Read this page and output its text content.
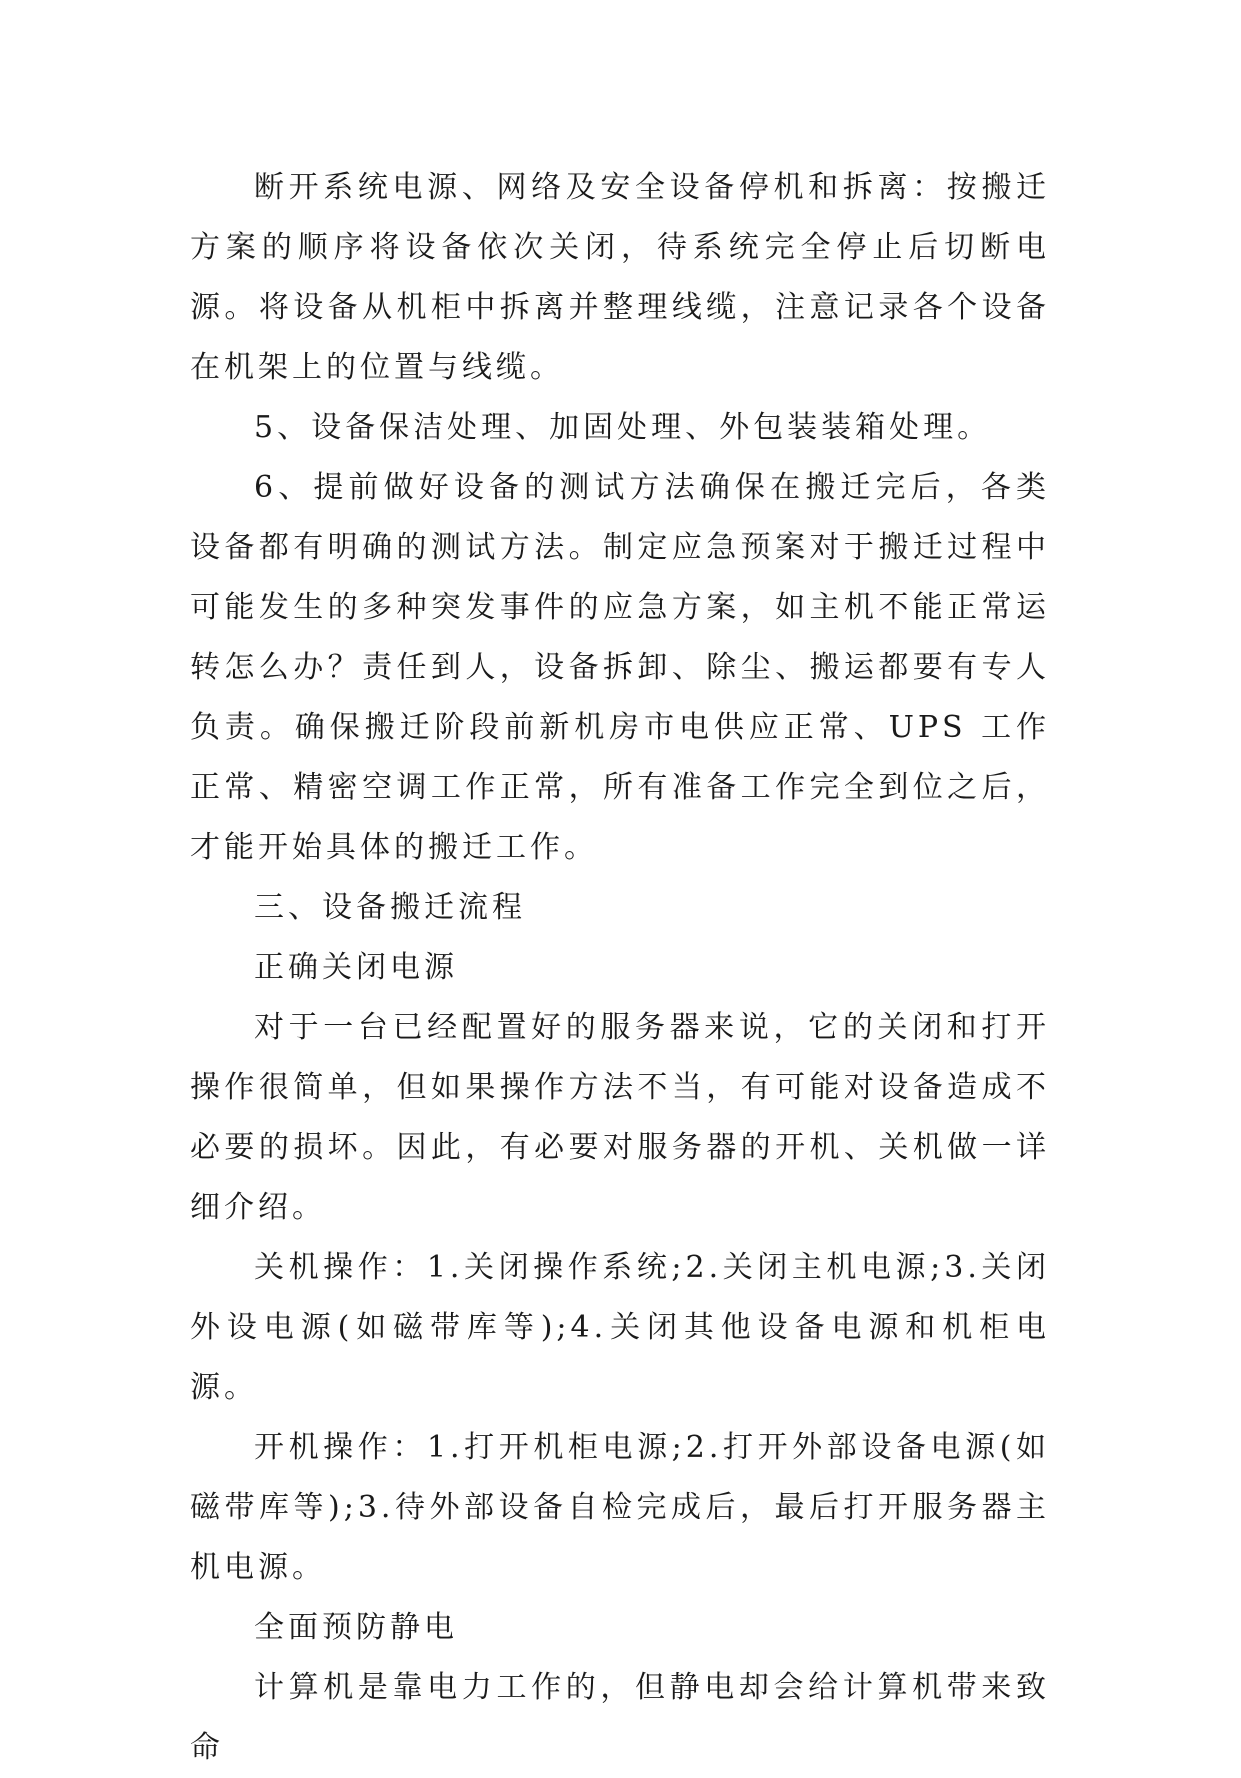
断开系统电源、网络及安全设备停机和拆离：按搬迁方案的顺序将设备依次关闭，待系统完全停止后切断电源。将设备从机柜中拆离并整理线缆，注意记录各个设备在机架上的位置与线缆。

5、设备保洁处理、加固处理、外包装装箱处理。

6、提前做好设备的测试方法确保在搬迁完后，各类设备都有明确的测试方法。制定应急预案对于搬迁过程中可能发生的多种突发事件的应急方案，如主机不能正常运转怎么办？责任到人，设备拆卸、除尘、搬运都要有专人负责。确保搬迁阶段前新机房市电供应正常、UPS 工作正常、精密空调工作正常，所有准备工作完全到位之后，才能开始具体的搬迁工作。

三、设备搬迁流程

正确关闭电源

对于一台已经配置好的服务器来说，它的关闭和打开操作很简单，但如果操作方法不当，有可能对设备造成不必要的损坏。因此，有必要对服务器的开机、关机做一详细介绍。

关机操作：1.关闭操作系统;2.关闭主机电源;3.关闭外设电源(如磁带库等);4.关闭其他设备电源和机柜电源。

开机操作：1.打开机柜电源;2.打开外部设备电源(如磁带库等);3.待外部设备自检完成后，最后打开服务器主机电源。

全面预防静电

计算机是靠电力工作的，但静电却会给计算机带来致命
